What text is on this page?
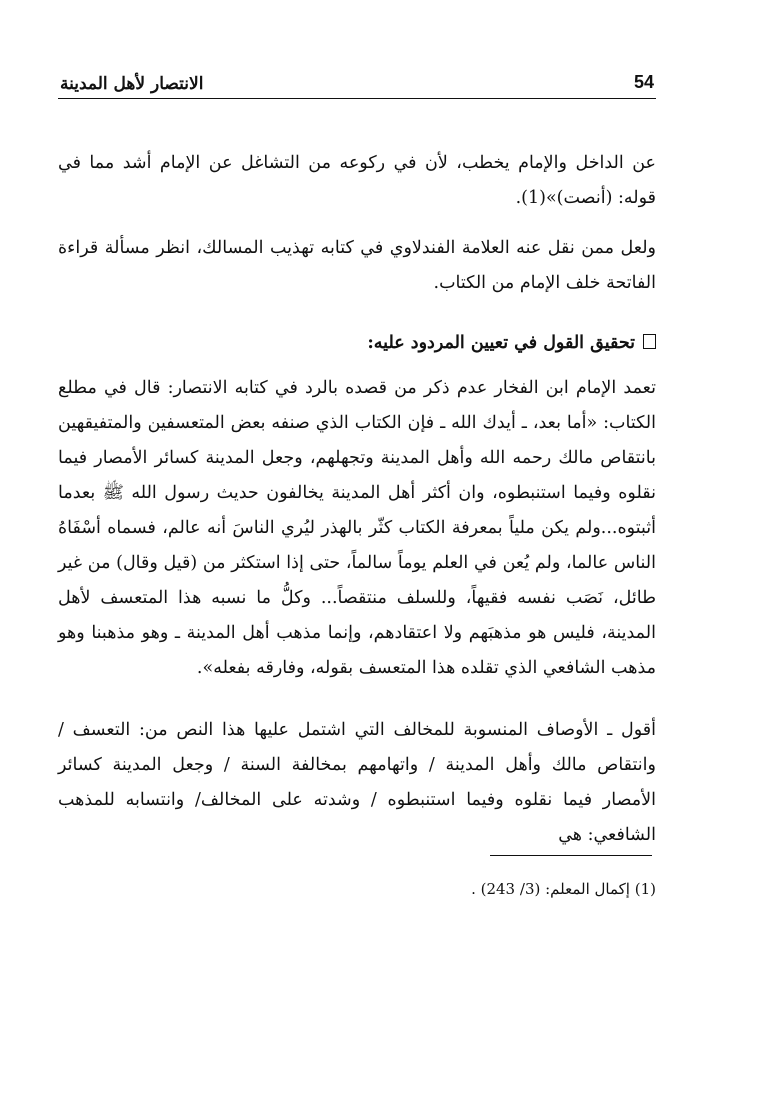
الانتصار لأهل المدينة	54
عن الداخل والإمام يخطب، لأن في ركوعه من التشاغل عن الإمام أشد مما في قوله: (أنصت)»(1).
ولعل ممن نقل عنه العلامة الفندلاوي في كتابه تهذيب المسالك، انظر مسألة قراءة الفاتحة خلف الإمام من الكتاب.
تحقيق القول في تعيين المردود عليه:
تعمد الإمام ابن الفخار عدم ذكر من قصده بالرد في كتابه الانتصار: قال في مطلع الكتاب: «أما بعد، ـ أيدك الله ـ فإن الكتاب الذي صنفه بعض المتعسفين والمتفيقهين بانتقاص مالك رحمه الله وأهل المدينة وتجهلهم، وجعل المدينة كسائر الأمصار فيما نقلوه وفيما استنبطوه، وان أكثر أهل المدينة يخالفون حديث رسول الله ﷺ بعدما أثبتوه...ولم يكن ملياً بمعرفة الكتاب كثّر بالهذر ليُري الناسَ أنه عالم، فسماه أسْفَاهُ الناس عالما، ولم يُعن في العلم يوماً سالماً، حتى إذا استكثر من (قيل وقال) من غير طائل، نَصَب نفسه فقيهاً، وللسلف منتقصاً... وكلُّ ما نسبه هذا المتعسف لأهل المدينة، فليس هو مذهبَهم ولا اعتقادهم، وإنما مذهب أهل المدينة ـ وهو مذهبنا وهو مذهب الشافعي الذي تقلده هذا المتعسف بقوله، وفارقه بفعله».
أقول ـ الأوصاف المنسوبة للمخالف التي اشتمل عليها هذا النص من: التعسف / وانتقاص مالك وأهل المدينة / واتهامهم بمخالفة السنة / وجعل المدينة كسائر الأمصار فيما نقلوه وفيما استنبطوه / وشدته على المخالف/ وانتسابه للمذهب الشافعي: هي
(1) إكمال المعلم: (3/ 243) .
